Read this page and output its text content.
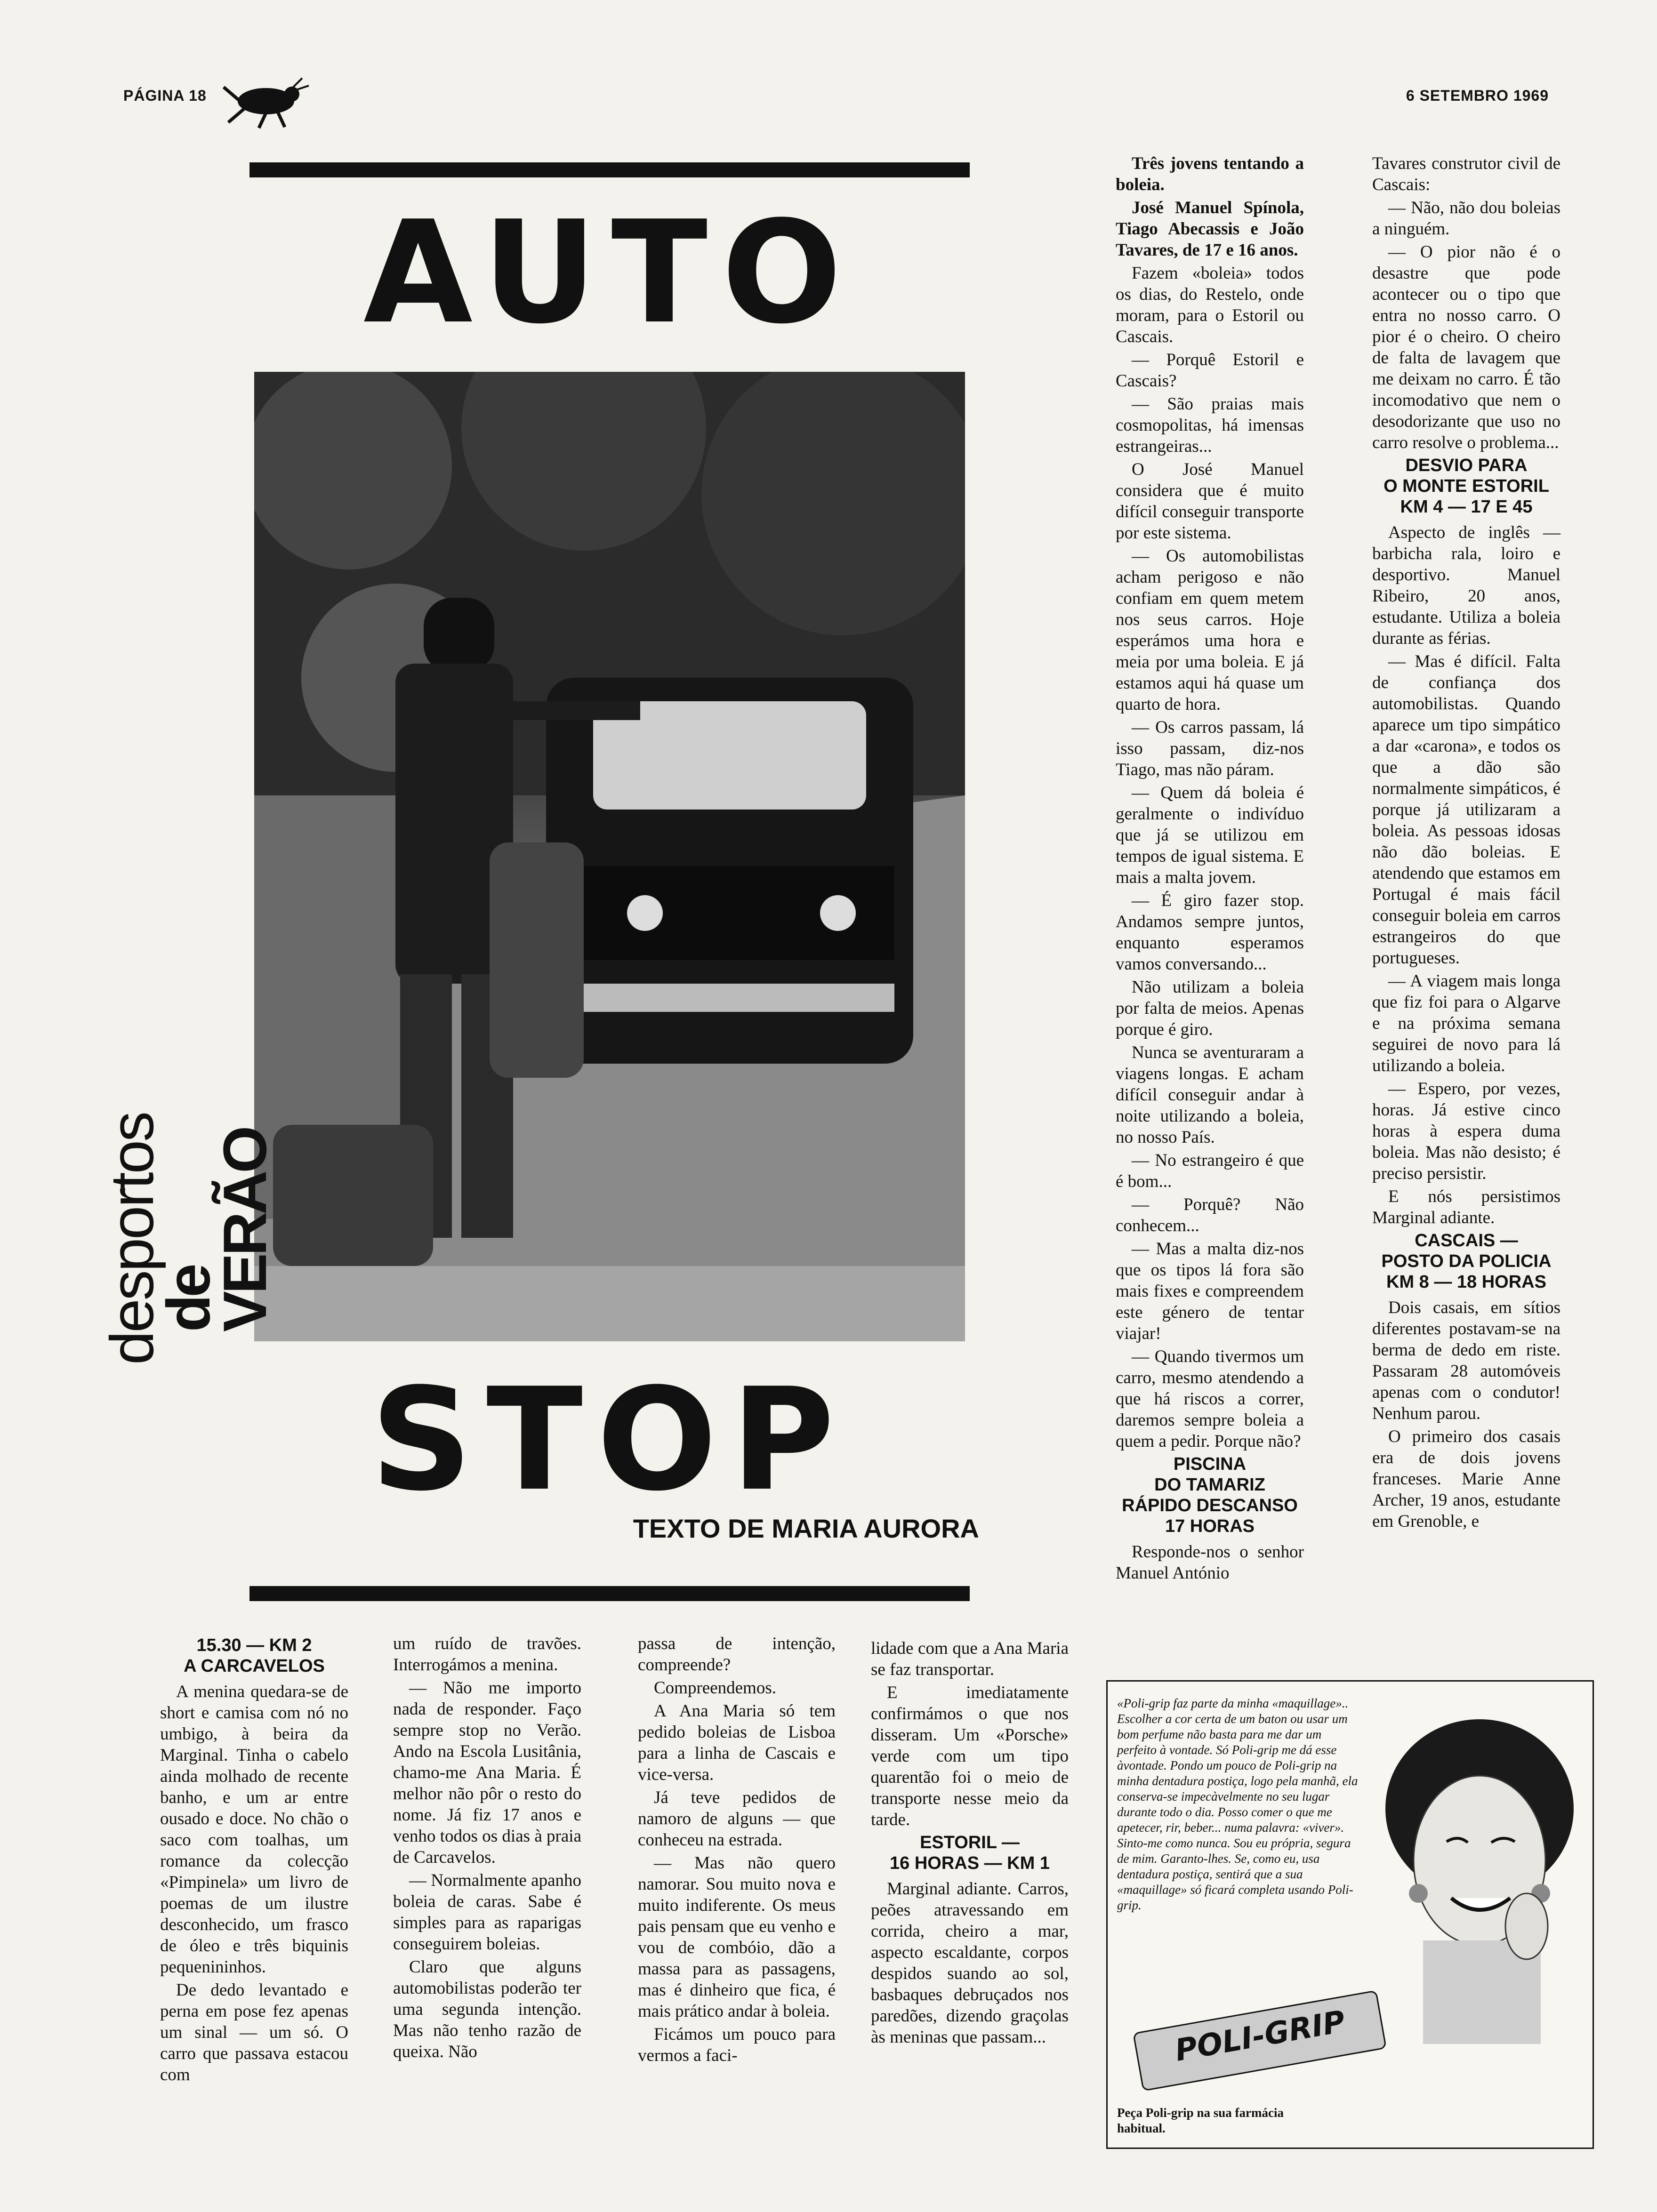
PÁGINA 18	6 SETEMBRO 1969
AUTO
desportos
de VERÃO
STOP
TEXTO DE MARIA AURORA
15.30 — KM 2
A CARCAVELOS

A menina quedara-se de short e camisa com nó no umbigo, à beira da Marginal. Tinha o cabelo ainda molhado de recente banho, e um ar entre ousado e doce. No chão o saco com toalhas, um romance da colecção «Pimpinela» um livro de poemas de um ilustre desconhecido, um frasco de óleo e três biquinis pequenininhos.

De dedo levantado e perna em pose fez apenas um sinal — um só. O carro que passava estacou com

um ruído de travões. Interrogámos a menina.

— Não me importo nada de responder. Faço sempre stop no Verão. Ando na Escola Lusitânia, chamo-me Ana Maria. É melhor não pôr o resto do nome. Já fiz 17 anos e venho todos os dias à praia de Carcavelos.

— Normalmente apanho boleia de caras. Sabe é simples para as raparigas conseguirem boleias.

Claro que alguns automobilistas poderão ter uma segunda intenção. Mas não tenho razão de queixa. Não

passa de intenção, compreende?

Compreendemos.

A Ana Maria só tem pedido boleias de Lisboa para a linha de Cascais e vice-versa.

Já teve pedidos de namoro de alguns — que conheceu na estrada.

— Mas não quero namorar. Sou muito nova e muito indiferente. Os meus pais pensam que eu venho e vou de combóio, dão a massa para as passagens, mas é dinheiro que fica, é mais prático andar à boleia.

Ficámos um pouco para vermos a faci-

lidade com que a Ana Maria se faz transportar.

E imediatamente confirmámos o que nos disseram. Um «Porsche» verde com um tipo quarentão foi o meio de transporte nesse meio da tarde.

ESTORIL —
16 HORAS — KM 1

Marginal adiante. Carros, peões atravessando em corrida, cheiro a mar, aspecto escaldante, corpos despidos suando ao sol, basbaques debruçados nos paredões, dizendo graçolas às meninas que passam...

Três jovens tentando a boleia.

José Manuel Spínola, Tiago Abecassis e João Tavares, de 17 e 16 anos.

Fazem «boleia» todos os dias, do Restelo, onde moram, para o Estoril ou Cascais.

— Porquê Estoril e Cascais?

— São praias mais cosmopolitas, há imensas estrangeiras...

O José Manuel considera que é muito difícil conseguir transporte por este sistema.

— Os automobilistas acham perigoso e não confiam em quem metem nos seus carros. Hoje esperámos uma hora e meia por uma boleia. E já estamos aqui há quase um quarto de hora.

— Os carros passam, lá isso passam, diz-nos Tiago, mas não páram.

— Quem dá boleia é geralmente o indivíduo que já se utilizou em tempos de igual sistema. E mais a malta jovem.

— É giro fazer stop. Andamos sempre juntos, enquanto esperamos vamos conversando...

Não utilizam a boleia por falta de meios. Apenas porque é giro.

Nunca se aventuraram a viagens longas. E acham difícil conseguir andar à noite utilizando a boleia, no nosso País.

— No estrangeiro é que é bom...

— Porquê? Não conhecem...

— Mas a malta diz-nos que os tipos lá fora são mais fixes e compreendem este género de tentar viajar!

— Quando tivermos um carro, mesmo atendendo a que há riscos a correr, daremos sempre boleia a quem a pedir. Porque não?

PISCINA
DO TAMARIZ
RÁPIDO DESCANSO
17 HORAS

Responde-nos o senhor Manuel António

Tavares construtor civil de Cascais:

— Não, não dou boleias a ninguém.

— O pior não é o desastre que pode acontecer ou o tipo que entra no nosso carro. O pior é o cheiro. O cheiro de falta de lavagem que me deixam no carro. É tão incomodativo que nem o desodorizante que uso no carro resolve o problema...

DESVIO PARA
O MONTE ESTORIL
KM 4 — 17 E 45

Aspecto de inglês — barbicha rala, loiro e desportivo. Manuel Ribeiro, 20 anos, estudante. Utiliza a boleia durante as férias.

— Mas é difícil. Falta de confiança dos automobilistas. Quando aparece um tipo simpático a dar «carona», e todos os que a dão são normalmente simpáticos, é porque já utilizaram a boleia. As pessoas idosas não dão boleias. E atendendo que estamos em Portugal é mais fácil conseguir boleia em carros estrangeiros do que portugueses.

— A viagem mais longa que fiz foi para o Algarve e na próxima semana seguirei de novo para lá utilizando a boleia.

— Espero, por vezes, horas. Já estive cinco horas à espera duma boleia. Mas não desisto; é preciso persistir.

E nós persistimos Marginal adiante.

CASCAIS —
POSTO DA POLICIA
KM 8 — 18 HORAS

Dois casais, em sítios diferentes postavam-se na berma de dedo em riste. Passaram 28 automóveis apenas com o condutor! Nenhum parou.

O primeiro dos casais era de dois jovens franceses. Marie Anne Archer, 19 anos, estudante em Grenoble, e

«Poli-grip faz parte da minha «maquillage».. Escolher a cor certa de um baton ou usar um bom perfume não basta para me dar um perfeito à vontade. Só Poli-grip me dá esse àvontade. Pondo um pouco de Poli-grip na minha dentadura postiça, logo pela manhã, ela conserva-se impecàvelmente no seu lugar durante todo o dia. Posso comer o que me apetecer, rir, beber... numa palavra: «viver». Sinto-me como nunca. Sou eu própria, segura de mim. Garanto-lhes. Se, como eu, usa dentadura postiça, sentirá que a sua «maquillage» só ficará completa usando Poli-grip.
POLI-GRIP
Peça Poli-grip na sua farmácia habitual.
